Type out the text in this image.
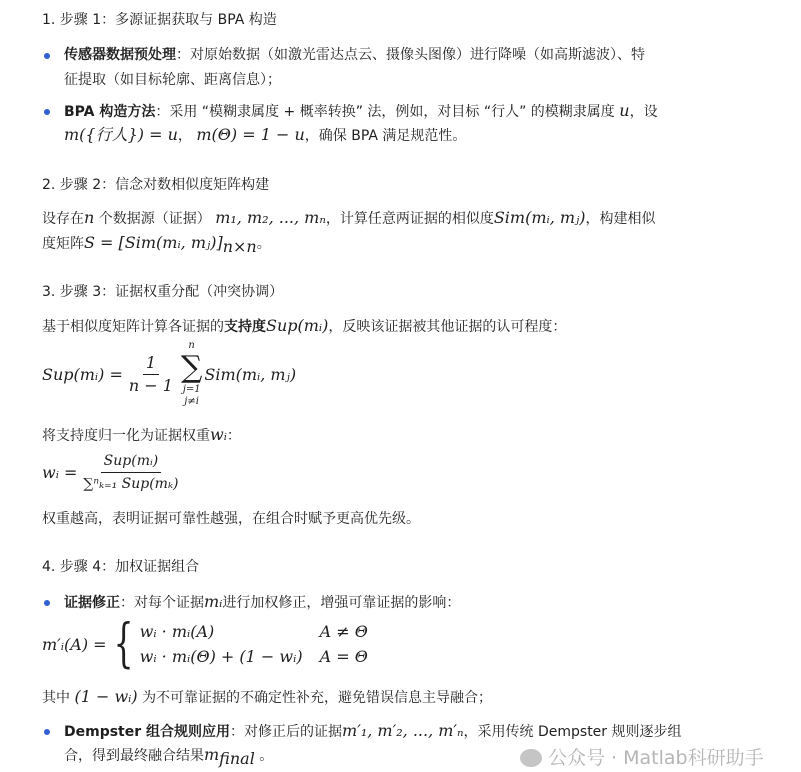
1. 步骤 1：多源证据获取与 BPA 构造
传感器数据预处理：对原始数据（如激光雷达点云、摄像头图像）进行降噪（如高斯滤波）、特
征提取（如目标轮廓、距离信息）；
BPA 构造方法：采用 “模糊隶属度 + 概率转换” 法，例如，对目标 “行人” 的模糊隶属度 u，设
m({行人}) = u， m(Θ) = 1 − u，确保 BPA 满足规范性。
2. 步骤 2：信念对数相似度矩阵构建
设存在n 个数据源（证据） m₁, m₂, ..., mₙ，计算任意两证据的相似度Sim(mᵢ, mⱼ)，构建相似
度矩阵S = [Sim(mᵢ, $mⱼ)]_{n\times n}$。
3. 步骤 3：证据权重分配（冲突协调）
基于相似度矩阵计算各证据的支持度Sup(mᵢ)，反映该证据被其他证据的认可程度：
Sup(mᵢ) = $\frac{1}{n - 1}$
n
∑
j=1
j≠i
Sim(mᵢ, mⱼ)
将支持度归一化为证据权重wᵢ：
wᵢ = $\frac{\text{Sup(mᵢ)}}{\text{∑ⁿₖ₌₁ Sup(mₖ)}}$
权重越高，表明证据可靠性越强，在组合时赋予更高优先级。
4. 步骤 4：加权证据组合
证据修正：对每个证据mᵢ进行加权修正，增强可靠证据的影响：
m′ᵢ(A) = { wᵢ · mᵢ(A)	A ≠ Θ
wᵢ · mᵢ(Θ) + (1 − wᵢ)	A = Θ
其中 (1 − wᵢ) 为不可靠证据的不确定性补充，避免错误信息主导融合；
Dempster 组合规则应用：对修正后的证据m′₁, m′₂, ..., m′ₙ，采用传统 Dempster 规则逐步组
合，得到最终融合结果$m_{final}$ 。	公众号 · Matlab科研助手
